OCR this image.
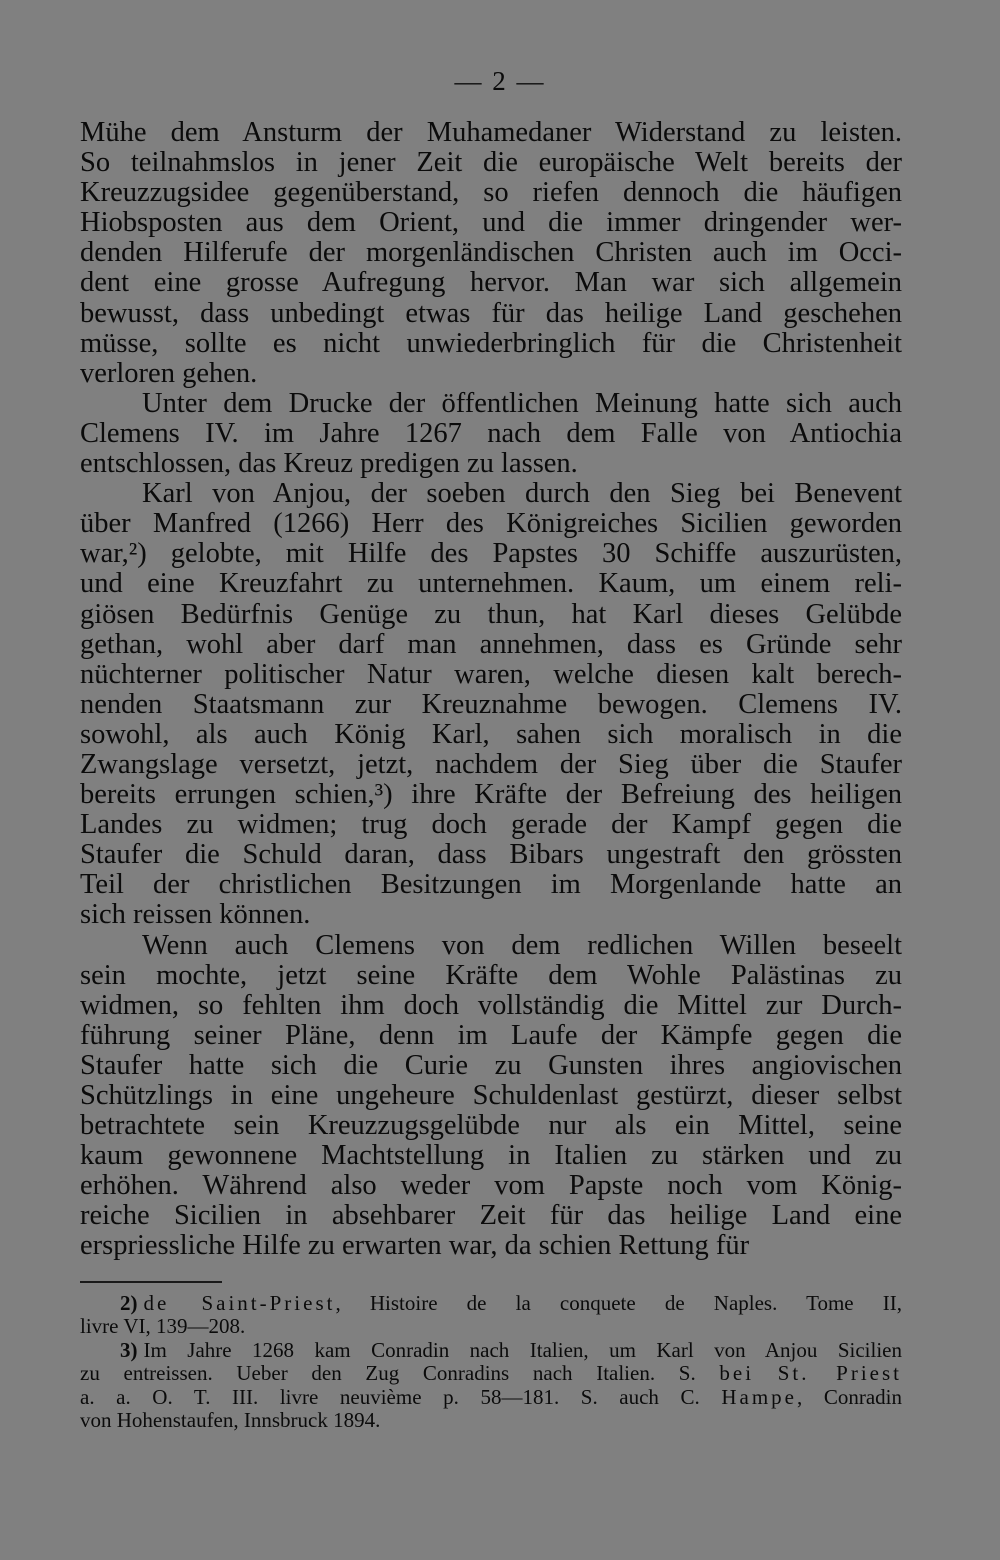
— 2 —
Mühe dem Ansturm der Muhamedaner Widerstand zu leisten.
So teilnahmslos in jener Zeit die europäische Welt bereits der
Kreuzzugsidee gegenüberstand, so riefen dennoch die häufigen
Hiobsposten aus dem Orient, und die immer dringender wer-
denden Hilferufe der morgenländischen Christen auch im Occi-
dent eine grosse Aufregung hervor. Man war sich allgemein
bewusst, dass unbedingt etwas für das heilige Land geschehen
müsse, sollte es nicht unwiederbringlich für die Christenheit
verloren gehen.
Unter dem Drucke der öffentlichen Meinung hatte sich auch
Clemens IV. im Jahre 1267 nach dem Falle von Antiochia
entschlossen, das Kreuz predigen zu lassen.
Karl von Anjou, der soeben durch den Sieg bei Benevent
über Manfred (1266) Herr des Königreiches Sicilien geworden
war,²) gelobte, mit Hilfe des Papstes 30 Schiffe auszurüsten,
und eine Kreuzfahrt zu unternehmen. Kaum, um einem reli-
giösen Bedürfnis Genüge zu thun, hat Karl dieses Gelübde
gethan, wohl aber darf man annehmen, dass es Gründe sehr
nüchterner politischer Natur waren, welche diesen kalt berech-
nenden Staatsmann zur Kreuznahme bewogen. Clemens IV.
sowohl, als auch König Karl, sahen sich moralisch in die
Zwangslage versetzt, jetzt, nachdem der Sieg über die Staufer
bereits errungen schien,³) ihre Kräfte der Befreiung des heiligen
Landes zu widmen; trug doch gerade der Kampf gegen die
Staufer die Schuld daran, dass Bibars ungestraft den grössten
Teil der christlichen Besitzungen im Morgenlande hatte an
sich reissen können.
Wenn auch Clemens von dem redlichen Willen beseelt
sein mochte, jetzt seine Kräfte dem Wohle Palästinas zu
widmen, so fehlten ihm doch vollständig die Mittel zur Durch-
führung seiner Pläne, denn im Laufe der Kämpfe gegen die
Staufer hatte sich die Curie zu Gunsten ihres angiovischen
Schützlings in eine ungeheure Schuldenlast gestürzt, dieser selbst
betrachtete sein Kreuzzugsgelübde nur als ein Mittel, seine
kaum gewonnene Machtstellung in Italien zu stärken und zu
erhöhen. Während also weder vom Papste noch vom König-
reiche Sicilien in absehbarer Zeit für das heilige Land eine
erspriessliche Hilfe zu erwarten war, da schien Rettung für
2) de Saint-Priest, Histoire de la conquete de Naples. Tome II,
livre VI, 139—208.
3) Im Jahre 1268 kam Conradin nach Italien, um Karl von Anjou Sicilien
zu entreissen. Ueber den Zug Conradins nach Italien. S. bei St. Priest
a. a. O. T. III. livre neuvième p. 58—181. S. auch C. Hampe, Conradin
von Hohenstaufen, Innsbruck 1894.
